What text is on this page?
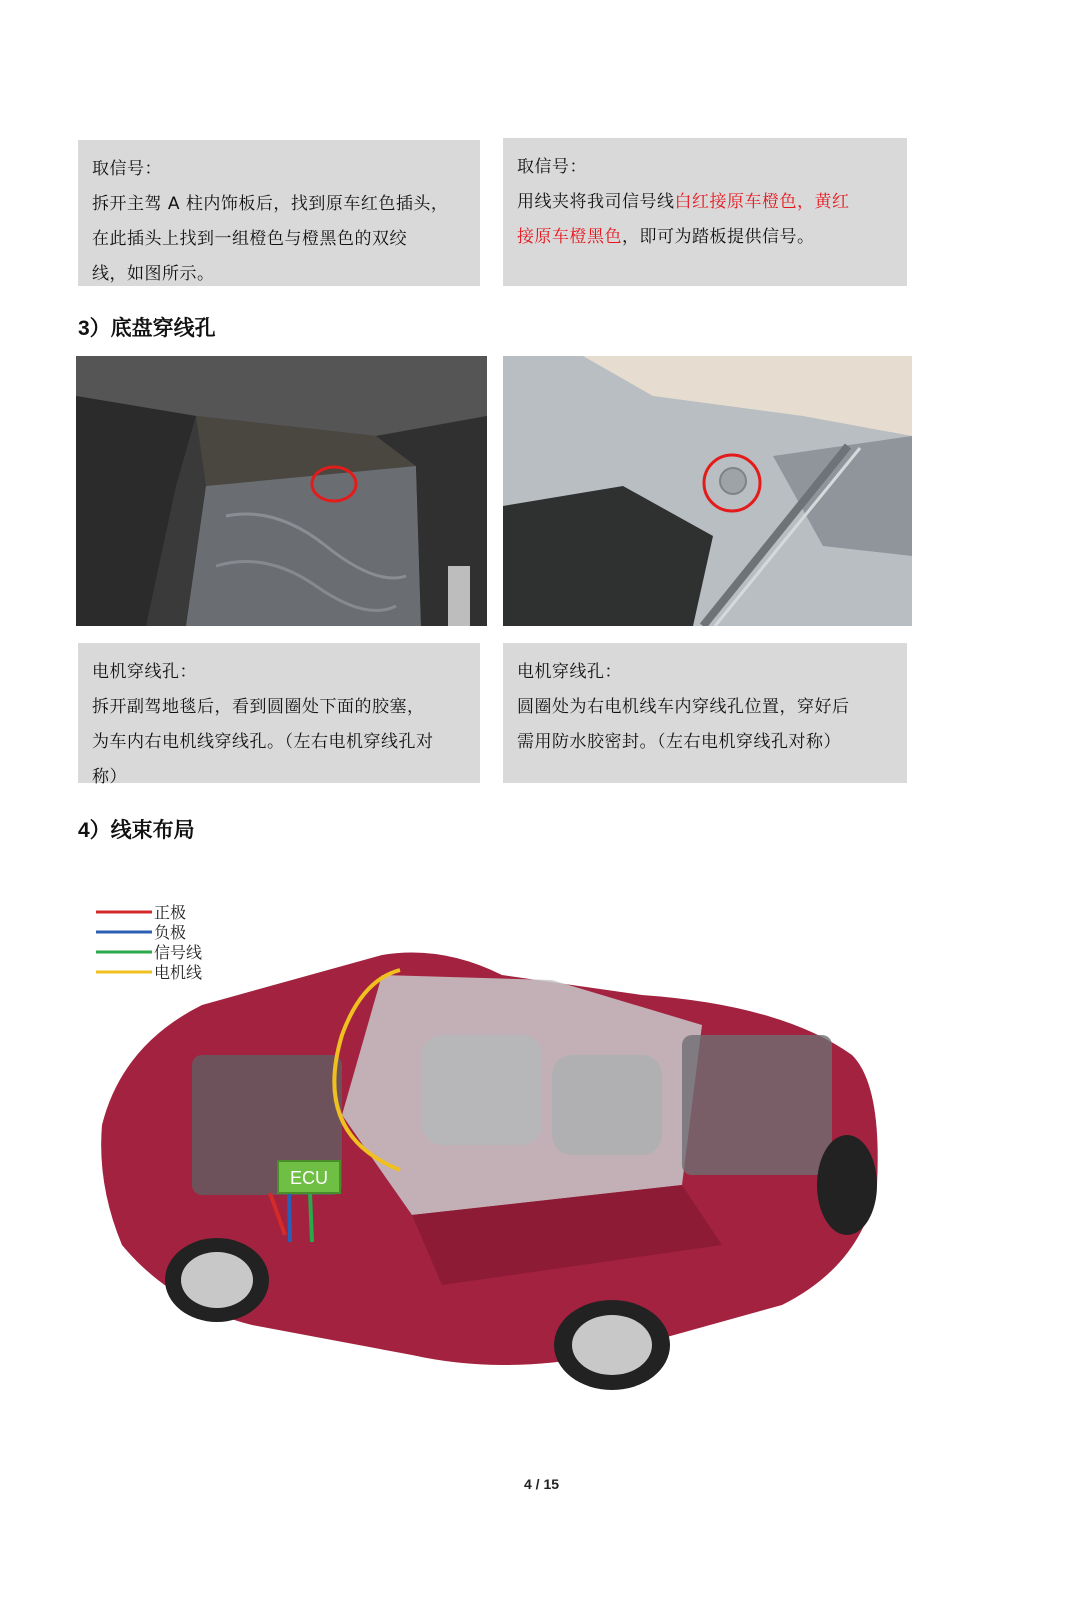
取信号：
拆开主驾 A 柱内饰板后，找到原车红色插头，
在此插头上找到一组橙色与橙黑色的双绞
线，如图所示。
取信号：
用线夹将我司信号线白红接原车橙色，黄红
接原车橙黑色，即可为踏板提供信号。
3）底盘穿线孔
电机穿线孔：
拆开副驾地毯后，看到圆圈处下面的胶塞，
为车内右电机线穿线孔。（左右电机穿线孔对
称）
电机穿线孔：
圆圈处为右电机线车内穿线孔位置，穿好后
需用防水胶密封。（左右电机穿线孔对称）
4）线束布局
ECU
正极
负极
信号线
电机线
4 / 15
